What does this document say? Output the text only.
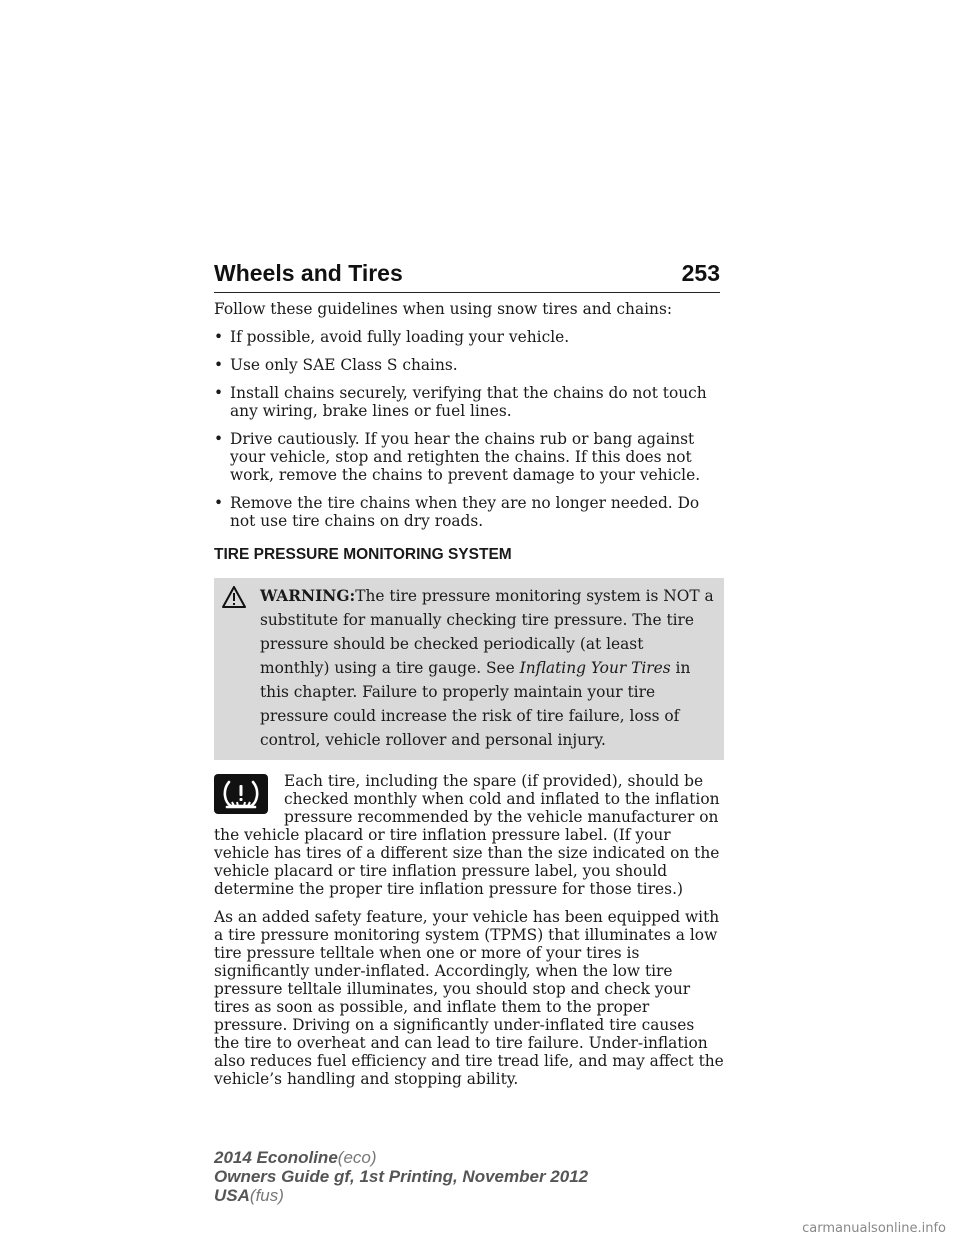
Wheels and Tires	253

Follow these guidelines when using snow tires and chains:

• If possible, avoid fully loading your vehicle.
• Use only SAE Class S chains.
• Install chains securely, verifying that the chains do not touch any wiring, brake lines or fuel lines.
• Drive cautiously. If you hear the chains rub or bang against your vehicle, stop and retighten the chains. If this does not work, remove the chains to prevent damage to your vehicle.
• Remove the tire chains when they are no longer needed. Do not use tire chains on dry roads.
TIRE PRESSURE MONITORING SYSTEM
WARNING:The tire pressure monitoring system is NOT a substitute for manually checking tire pressure. The tire pressure should be checked periodically (at least monthly) using a tire gauge. See Inflating Your Tires in this chapter. Failure to properly maintain your tire pressure could increase the risk of tire failure, loss of control, vehicle rollover and personal injury.
Each tire, including the spare (if provided), should be checked monthly when cold and inflated to the inflation pressure recommended by the vehicle manufacturer on the vehicle placard or tire inflation pressure label. (If your vehicle has tires of a different size than the size indicated on the vehicle placard or tire inflation pressure label, you should determine the proper tire inflation pressure for those tires.)

As an added safety feature, your vehicle has been equipped with a tire pressure monitoring system (TPMS) that illuminates a low tire pressure telltale when one or more of your tires is significantly under-inflated. Accordingly, when the low tire pressure telltale illuminates, you should stop and check your tires as soon as possible, and inflate them to the proper pressure. Driving on a significantly under-inflated tire causes the tire to overheat and can lead to tire failure. Under-inflation also reduces fuel efficiency and tire tread life, and may affect the vehicle’s handling and stopping ability.

2014 Econoline(eco)
Owners Guide gf, 1st Printing, November 2012
USA(fus)
carmanualsonline.info
